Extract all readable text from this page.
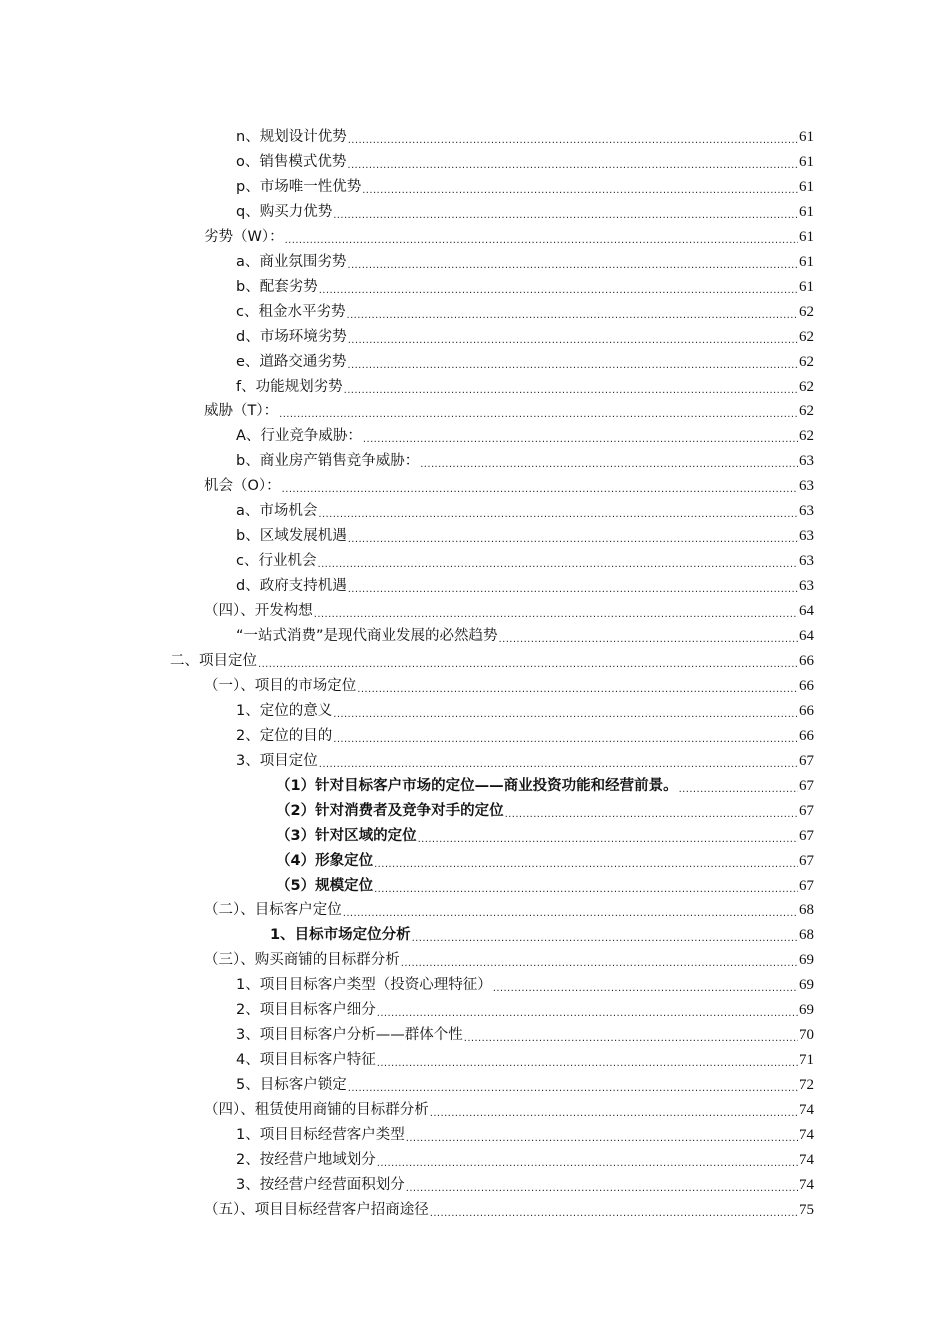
n、规划设计优势 .....	61
o、销售模式优势 .....	61
p、市场唯一性优势 .....	61
q、购买力优势 .....	61
劣势（W）： .....	61
a、商业氛围劣势 .....	61
b、配套劣势 .....	61
c、租金水平劣势 .....	62
d、市场环境劣势 .....	62
e、道路交通劣势 .....	62
f、功能规划劣势 .....	62
威胁（T）： .....	62
A、行业竞争威胁： .....	62
b、商业房产销售竞争威胁： .....	63
机会（O）： .....	63
a、市场机会 .....	63
b、区域发展机遇 .....	63
c、行业机会 .....	63
d、政府支持机遇 .....	63
（四）、开发构想 .....	64
“一站式消费”是现代商业发展的必然趋势 .....	64
二、项目定位 .....	66
（一）、项目的市场定位 .....	66
1、定位的意义 .....	66
2、定位的目的 .....	66
3、项目定位 .....	67
（1）针对目标客户市场的定位——商业投资功能和经营前景。 .....	67
（2）针对消费者及竞争对手的定位 .....	67
（3）针对区域的定位 .....	67
（4）形象定位 .....	67
（5）规模定位 .....	67
（二）、目标客户定位 .....	68
1、目标市场定位分析 .....	68
（三）、购买商铺的目标群分析 .....	69
1、项目目标客户类型（投资心理特征） .....	69
2、项目目标客户细分 .....	69
3、项目目标客户分析——群体个性 .....	70
4、项目目标客户特征 .....	71
5、目标客户锁定 .....	72
（四）、租赁使用商铺的目标群分析 .....	74
1、项目目标经营客户类型 .....	74
2、按经营户地域划分 .....	74
3、按经营户经营面积划分 .....	74
（五）、项目目标经营客户招商途径 .....	75
